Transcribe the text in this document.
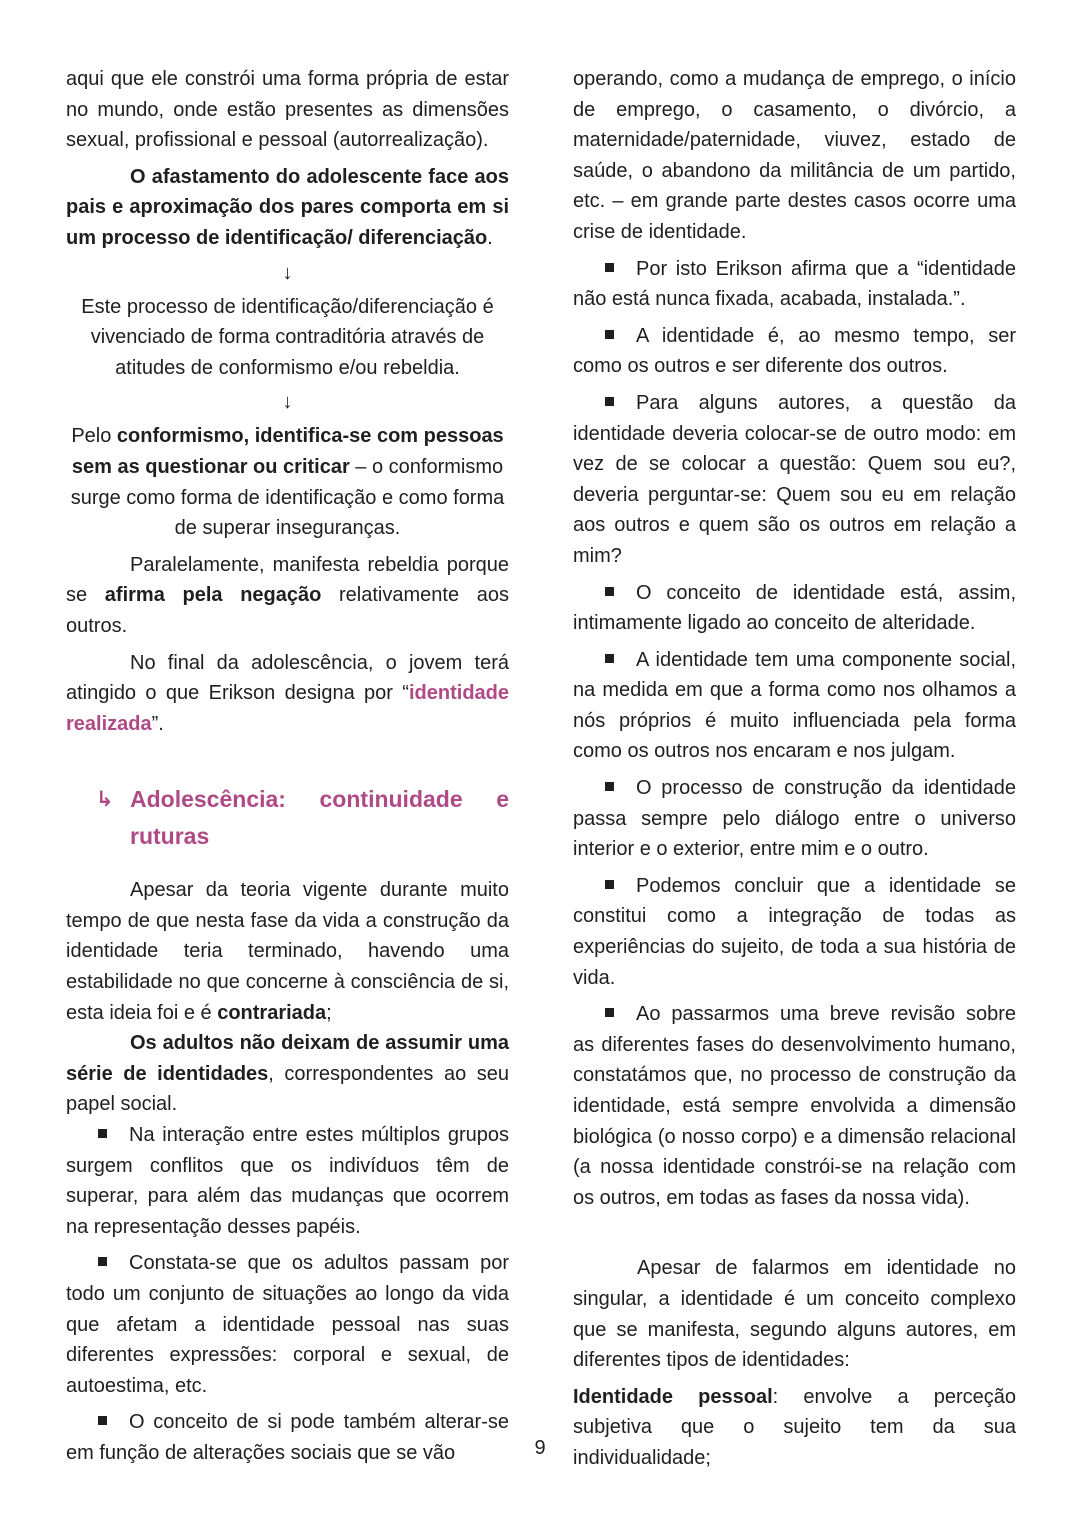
aqui que ele constrói uma forma própria de estar no mundo, onde estão presentes as dimensões sexual, profissional e pessoal (autorrealização).

O afastamento do adolescente face aos pais e aproximação dos pares comporta em si um processo de identificação/ diferenciação.

↓

Este processo de identificação/diferenciação é vivenciado de forma contraditória através de atitudes de conformismo e/ou rebeldia.

↓

Pelo conformismo, identifica-se com pessoas sem as questionar ou criticar – o conformismo surge como forma de identificação e como forma de superar inseguranças.

Paralelamente, manifesta rebeldia porque se afirma pela negação relativamente aos outros.

No final da adolescência, o jovem terá atingido o que Erikson designa por “identidade realizada”.

↳ Adolescência: continuidade e
ruturas

Apesar da teoria vigente durante muito tempo de que nesta fase da vida a construção da identidade teria terminado, havendo uma estabilidade no que concerne à consciência de si, esta ideia foi e é contrariada;

Os adultos não deixam de assumir uma série de identidades, correspondentes ao seu papel social.

Na interação entre estes múltiplos grupos surgem conflitos que os indivíduos têm de superar, para além das mudanças que ocorrem na representação desses papéis.

Constata-se que os adultos passam por todo um conjunto de situações ao longo da vida que afetam a identidade pessoal nas suas diferentes expressões: corporal e sexual, de autoestima, etc.

O conceito de si pode também alterar-se em função de alterações sociais que se vão

operando, como a mudança de emprego, o início de emprego, o casamento, o divórcio, a maternidade/paternidade, viuvez, estado de saúde, o abandono da militância de um partido, etc. – em grande parte destes casos ocorre uma crise de identidade.

Por isto Erikson afirma que a “identidade não está nunca fixada, acabada, instalada.”.

A identidade é, ao mesmo tempo, ser como os outros e ser diferente dos outros.

Para alguns autores, a questão da identidade deveria colocar-se de outro modo: em vez de se colocar a questão: Quem sou eu?, deveria perguntar-se: Quem sou eu em relação aos outros e quem são os outros em relação a mim?

O conceito de identidade está, assim, intimamente ligado ao conceito de alteridade.

A identidade tem uma componente social, na medida em que a forma como nos olhamos a nós próprios é muito influenciada pela forma como os outros nos encaram e nos julgam.

O processo de construção da identidade passa sempre pelo diálogo entre o universo interior e o exterior, entre mim e o outro.

Podemos concluir que a identidade se constitui como a integração de todas as experiências do sujeito, de toda a sua história de vida.

Ao passarmos uma breve revisão sobre as diferentes fases do desenvolvimento humano, constatámos que, no processo de construção da identidade, está sempre envolvida a dimensão biológica (o nosso corpo) e a dimensão relacional (a nossa identidade constrói-se na relação com os outros, em todas as fases da nossa vida).

Apesar de falarmos em identidade no singular, a identidade é um conceito complexo que se manifesta, segundo alguns autores, em diferentes tipos de identidades:

Identidade pessoal: envolve a perceção subjetiva que o sujeito tem da sua individualidade;

9
